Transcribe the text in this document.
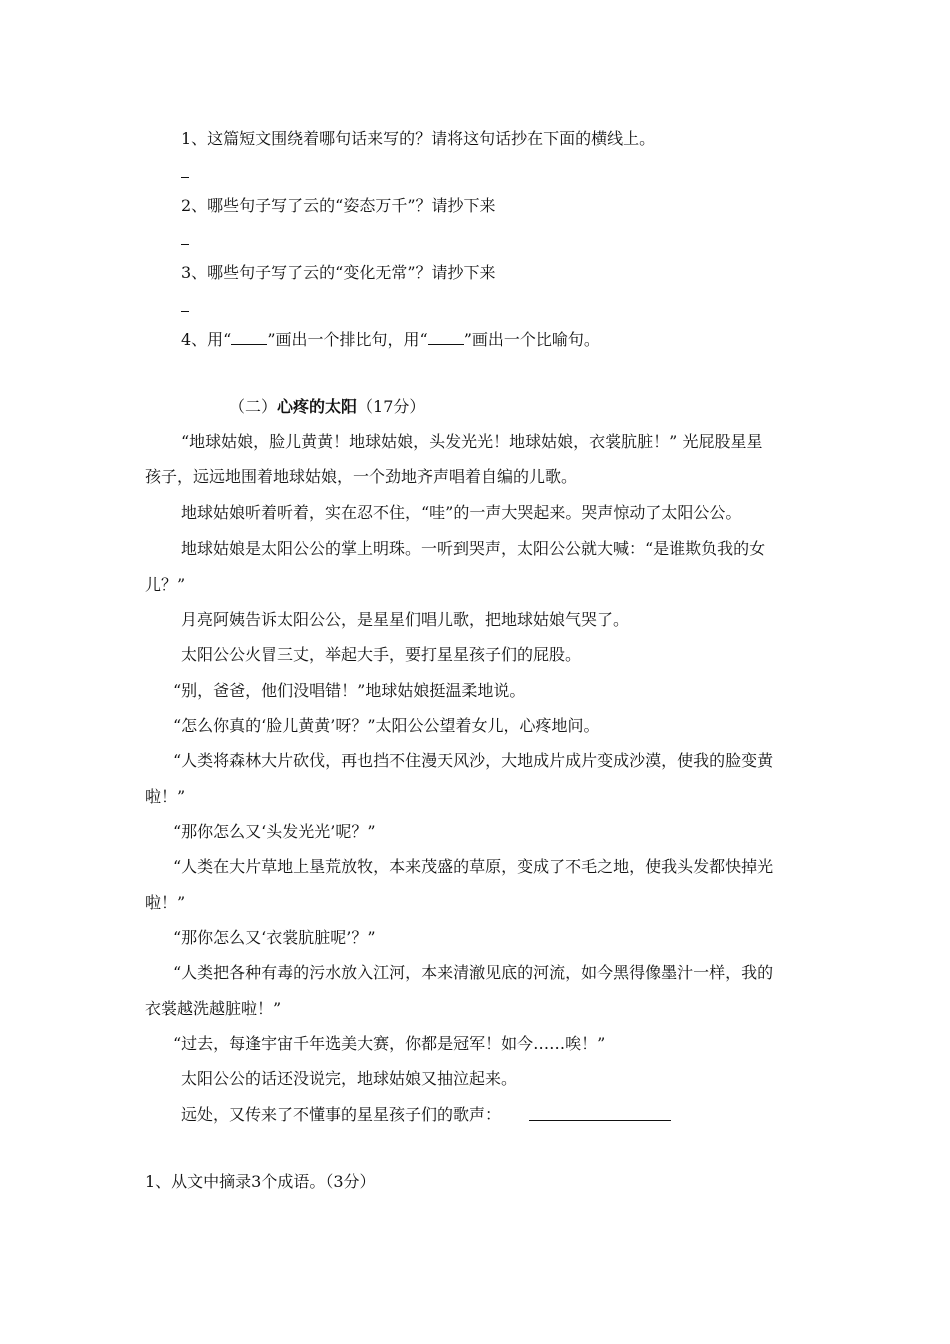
1、这篇短文围绕着哪句话来写的？请将这句话抄在下面的横线上。
2、哪些句子写了云的“姿态万千”？请抄下来
3、哪些句子写了云的“变化无常”？请抄下来
4、用“ ”画出一个排比句，用“ ”画出一个比喻句。
（二）心疼的太阳（17分）
“地球姑娘，脸儿黄黄！地球姑娘，头发光光！地球姑娘，衣裳肮脏！” 光屁股星星
孩子，远远地围着地球姑娘，一个劲地齐声唱着自编的儿歌。
地球姑娘听着听着，实在忍不住，“哇”的一声大哭起来。哭声惊动了太阳公公。
地球姑娘是太阳公公的掌上明珠。一听到哭声，太阳公公就大喊：“是谁欺负我的女
儿？”
月亮阿姨告诉太阳公公，是星星们唱儿歌，把地球姑娘气哭了。
太阳公公火冒三丈，举起大手，要打星星孩子们的屁股。
“别，爸爸，他们没唱错！”地球姑娘挺温柔地说。
“怎么你真的‘脸儿黄黄’呀？”太阳公公望着女儿，心疼地问。
“人类将森林大片砍伐，再也挡不住漫天风沙，大地成片成片变成沙漠，使我的脸变黄
啦！”
“那你怎么又‘头发光光’呢？”
“人类在大片草地上垦荒放牧，本来茂盛的草原，变成了不毛之地，使我头发都快掉光
啦！”
“那你怎么又‘衣裳肮脏呢’？”
“人类把各种有毒的污水放入江河，本来清澈见底的河流，如今黑得像墨汁一样，我的
衣裳越洗越脏啦！”
“过去，每逢宇宙千年选美大赛，你都是冠军！如今……唉！”
太阳公公的话还没说完，地球姑娘又抽泣起来。
远处，又传来了不懂事的星星孩子们的歌声：
1、从文中摘录3个成语。（3分）
